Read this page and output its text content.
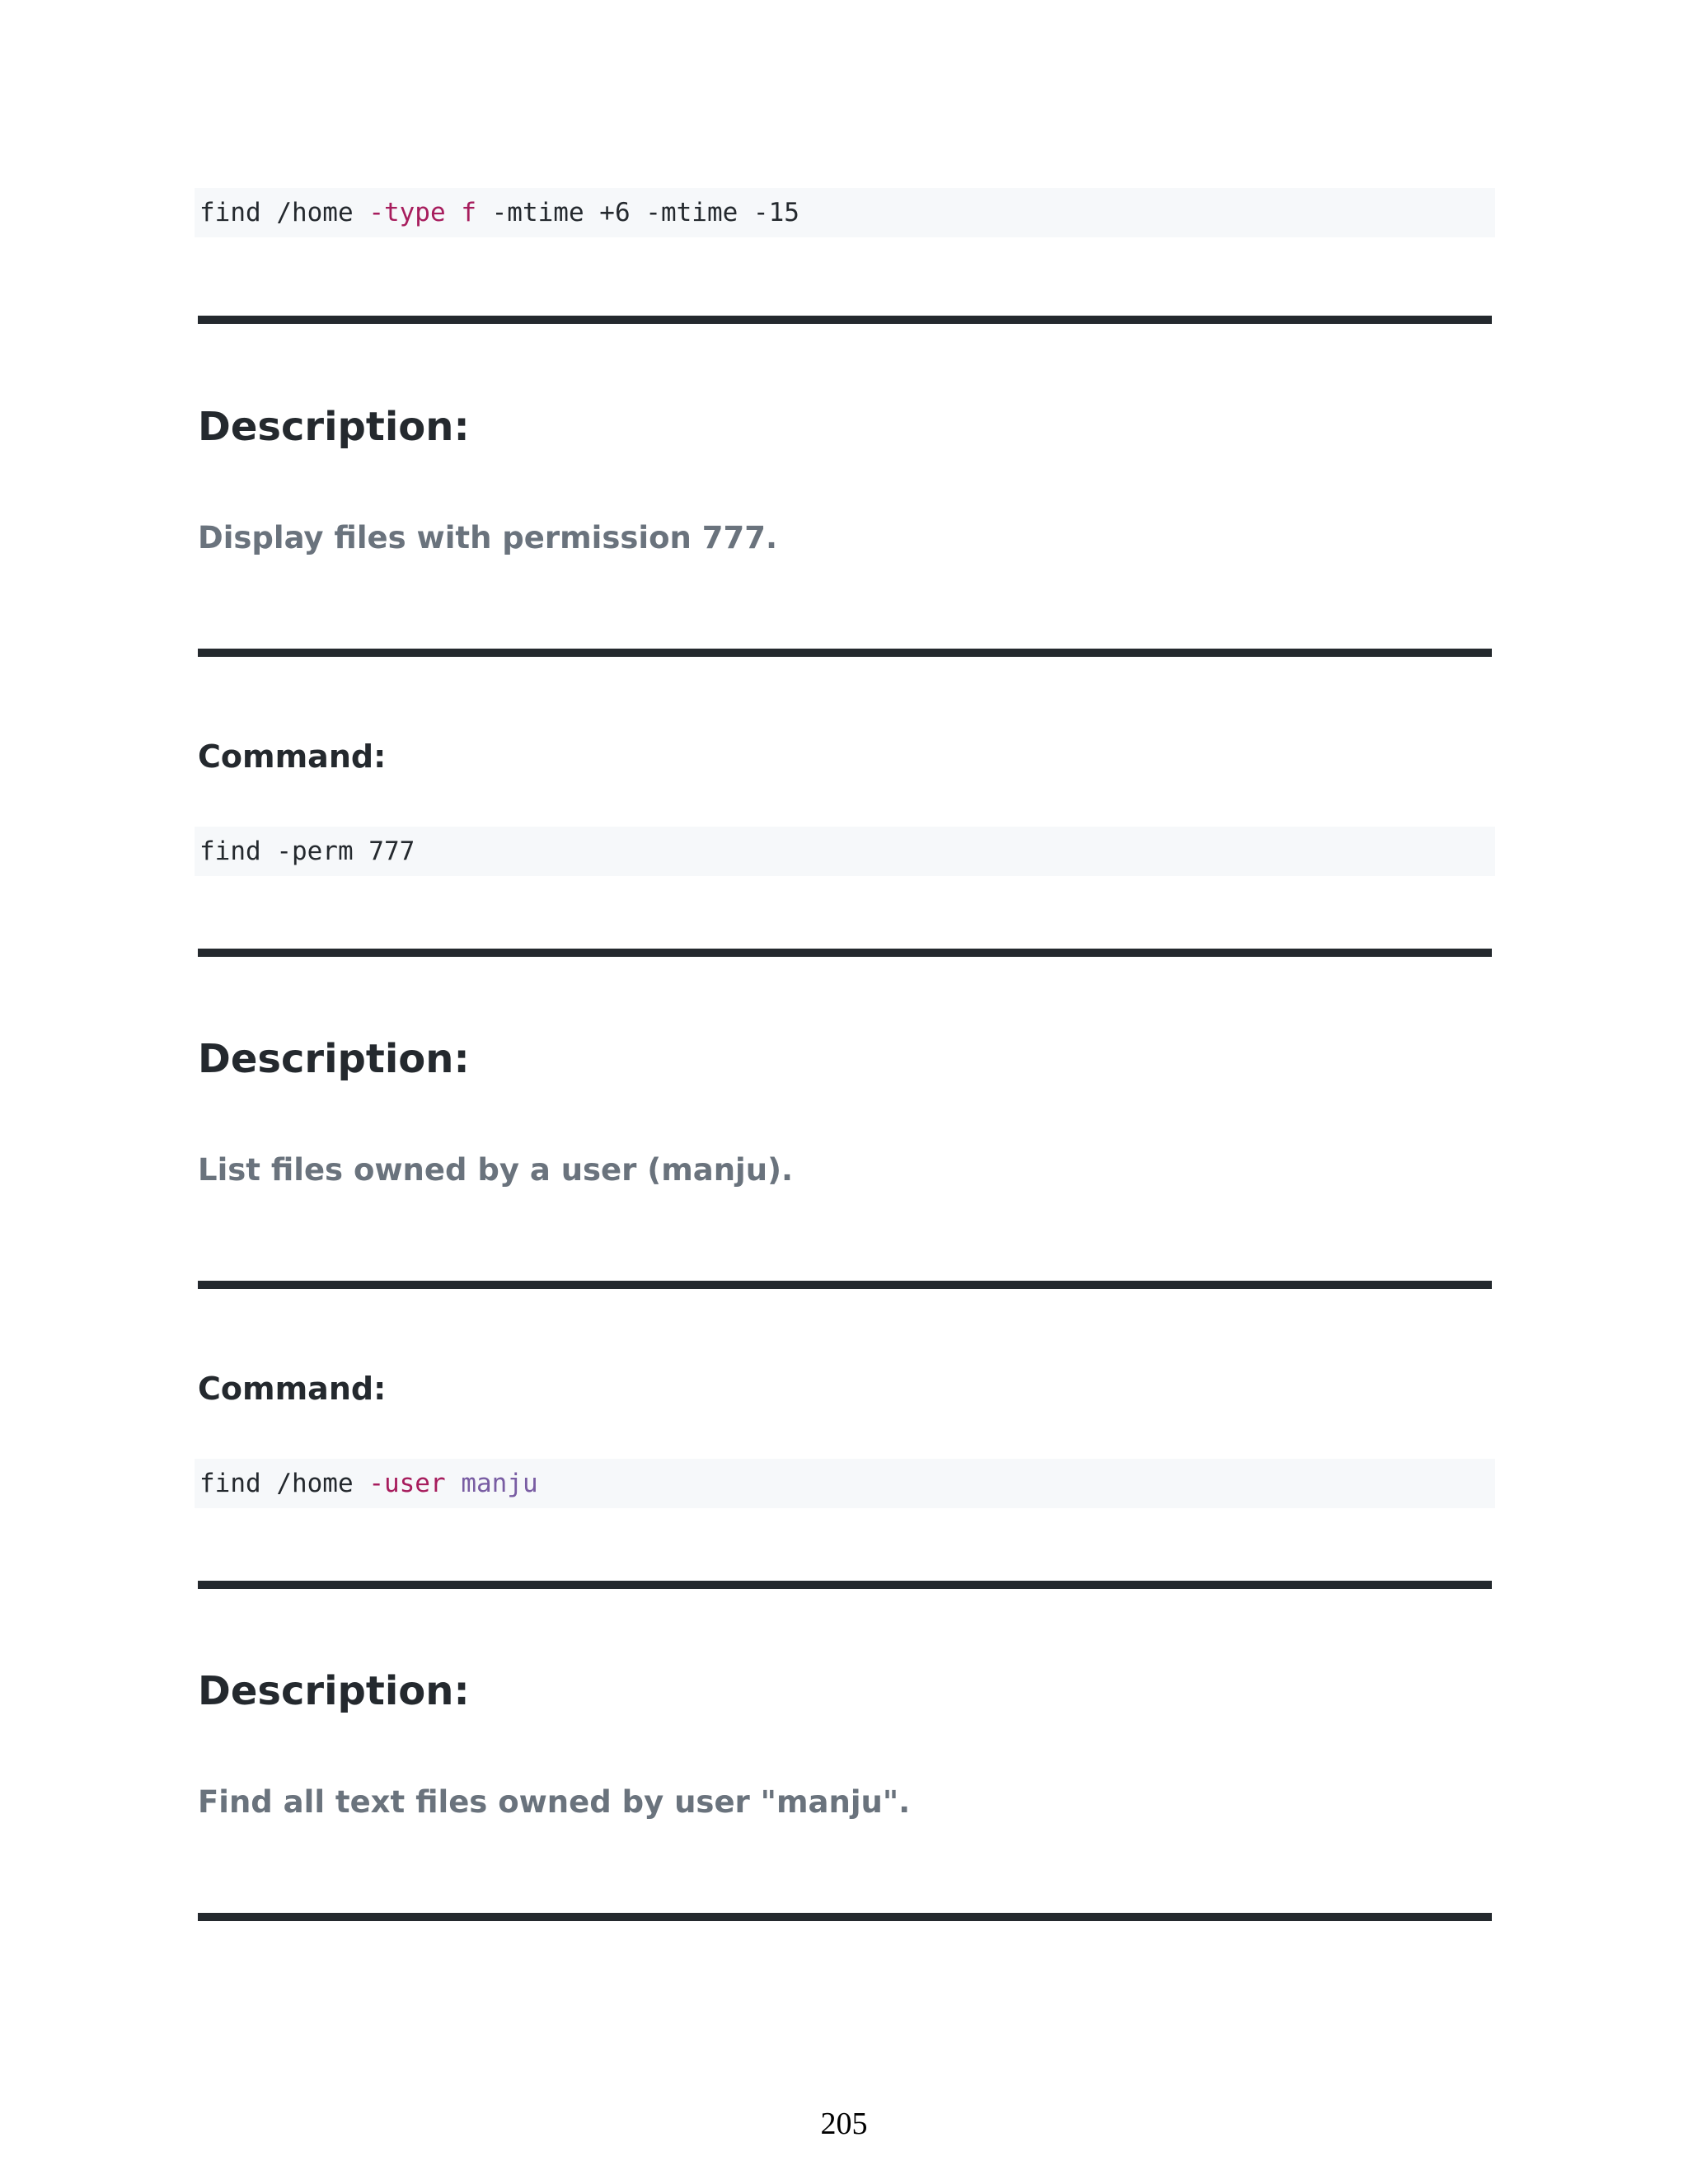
find /home -type f -mtime +6 -mtime -15
Description:

Display files with permission 777.

Command:
find -perm 777
Description:

List files owned by a user (manju).

Command:
find /home -user manju
Description:

Find all text files owned by user "manju".

205
